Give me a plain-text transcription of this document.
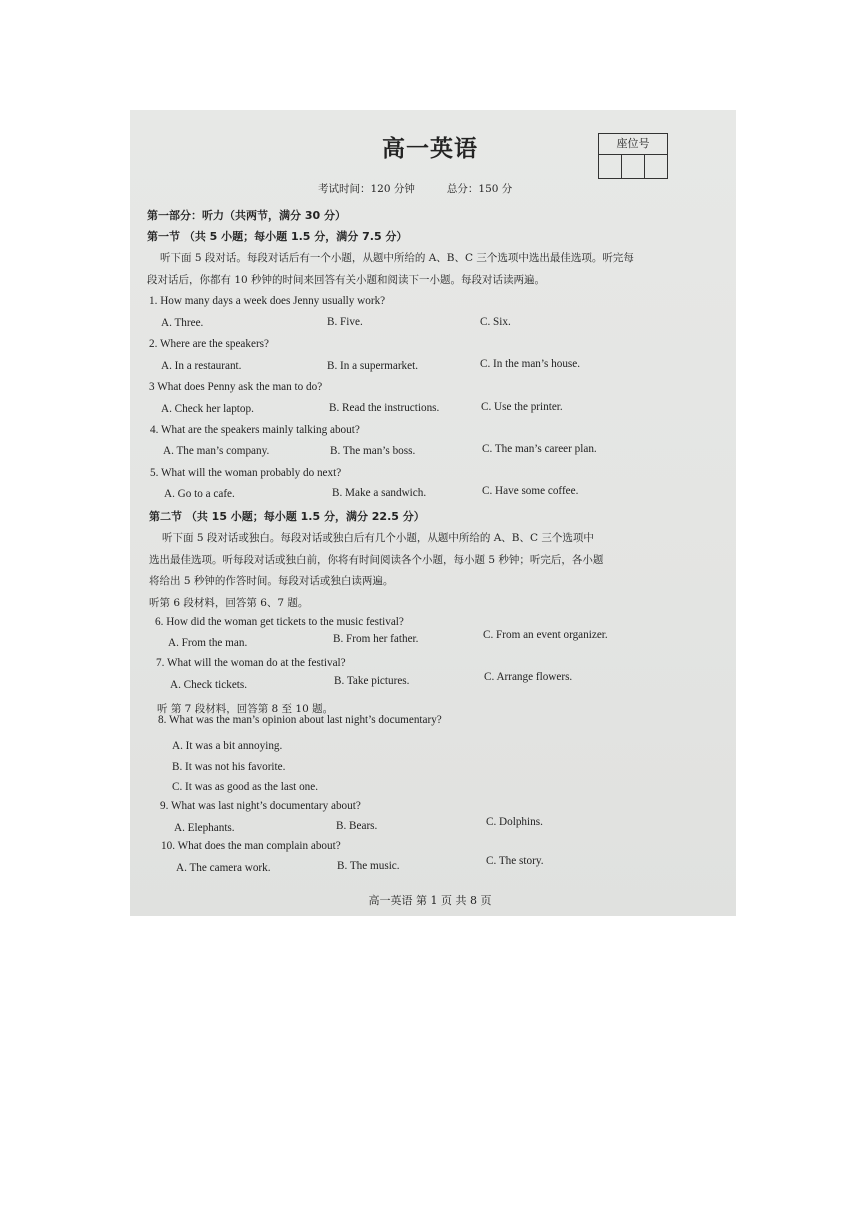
高一英语	座位号
考试时间：120 分钟	总分：150 分
第一部分：听力（共两节，满分 30 分）
第一节 （共 5 小题；每小题 1.5 分，满分 7.5 分）
听下面 5 段对话。每段对话后有一个小题，从题中所给的 A、B、C 三个选项中选出最佳选项。听完每
段对话后，你都有 10 秒钟的时间来回答有关小题和阅读下一小题。每段对话读两遍。
1. How many days a week does Jenny usually work?
A. Three.	B. Five.	C. Six.
2. Where are the speakers?
A. In a restaurant.	B. In a supermarket.	C. In the man’s house.
3 What does Penny ask the man to do?
A. Check her laptop.	B. Read the instructions.	C. Use the printer.
4. What are the speakers mainly talking about?
A. The man’s company.	B. The man’s boss.	C. The man’s career plan.
5. What will the woman probably do next?
A. Go to a cafe.	B. Make a sandwich.	C. Have some coffee.
第二节 （共 15 小题；每小题 1.5 分，满分 22.5 分）
听下面 5 段对话或独白。每段对话或独白后有几个小题，从题中所给的 A、B、C 三个选项中
选出最佳选项。听每段对话或独白前，你将有时间阅读各个小题，每小题 5 秒钟；听完后，各小题
将给出 5 秒钟的作答时间。每段对话或独白读两遍。
听第 6 段材料，回答第 6、7 题。
6. How did the woman get tickets to the music festival?
A. From the man.	B. From her father.	C. From an event organizer.
7. What will the woman do at the festival?
A. Check tickets.	B. Take pictures.	C. Arrange flowers.
听 第 7 段材料，回答第 8 至 10 题。
8. What was the man’s opinion about last night’s documentary?
A. It was a bit annoying.
B. It was not his favorite.
C. It was as good as the last one.
9. What was last night’s documentary about?
A. Elephants.	B. Bears.	C. Dolphins.
10. What does the man complain about?
A. The camera work.	B. The music.	C. The story.
高一英语 第 1 页 共 8 页
